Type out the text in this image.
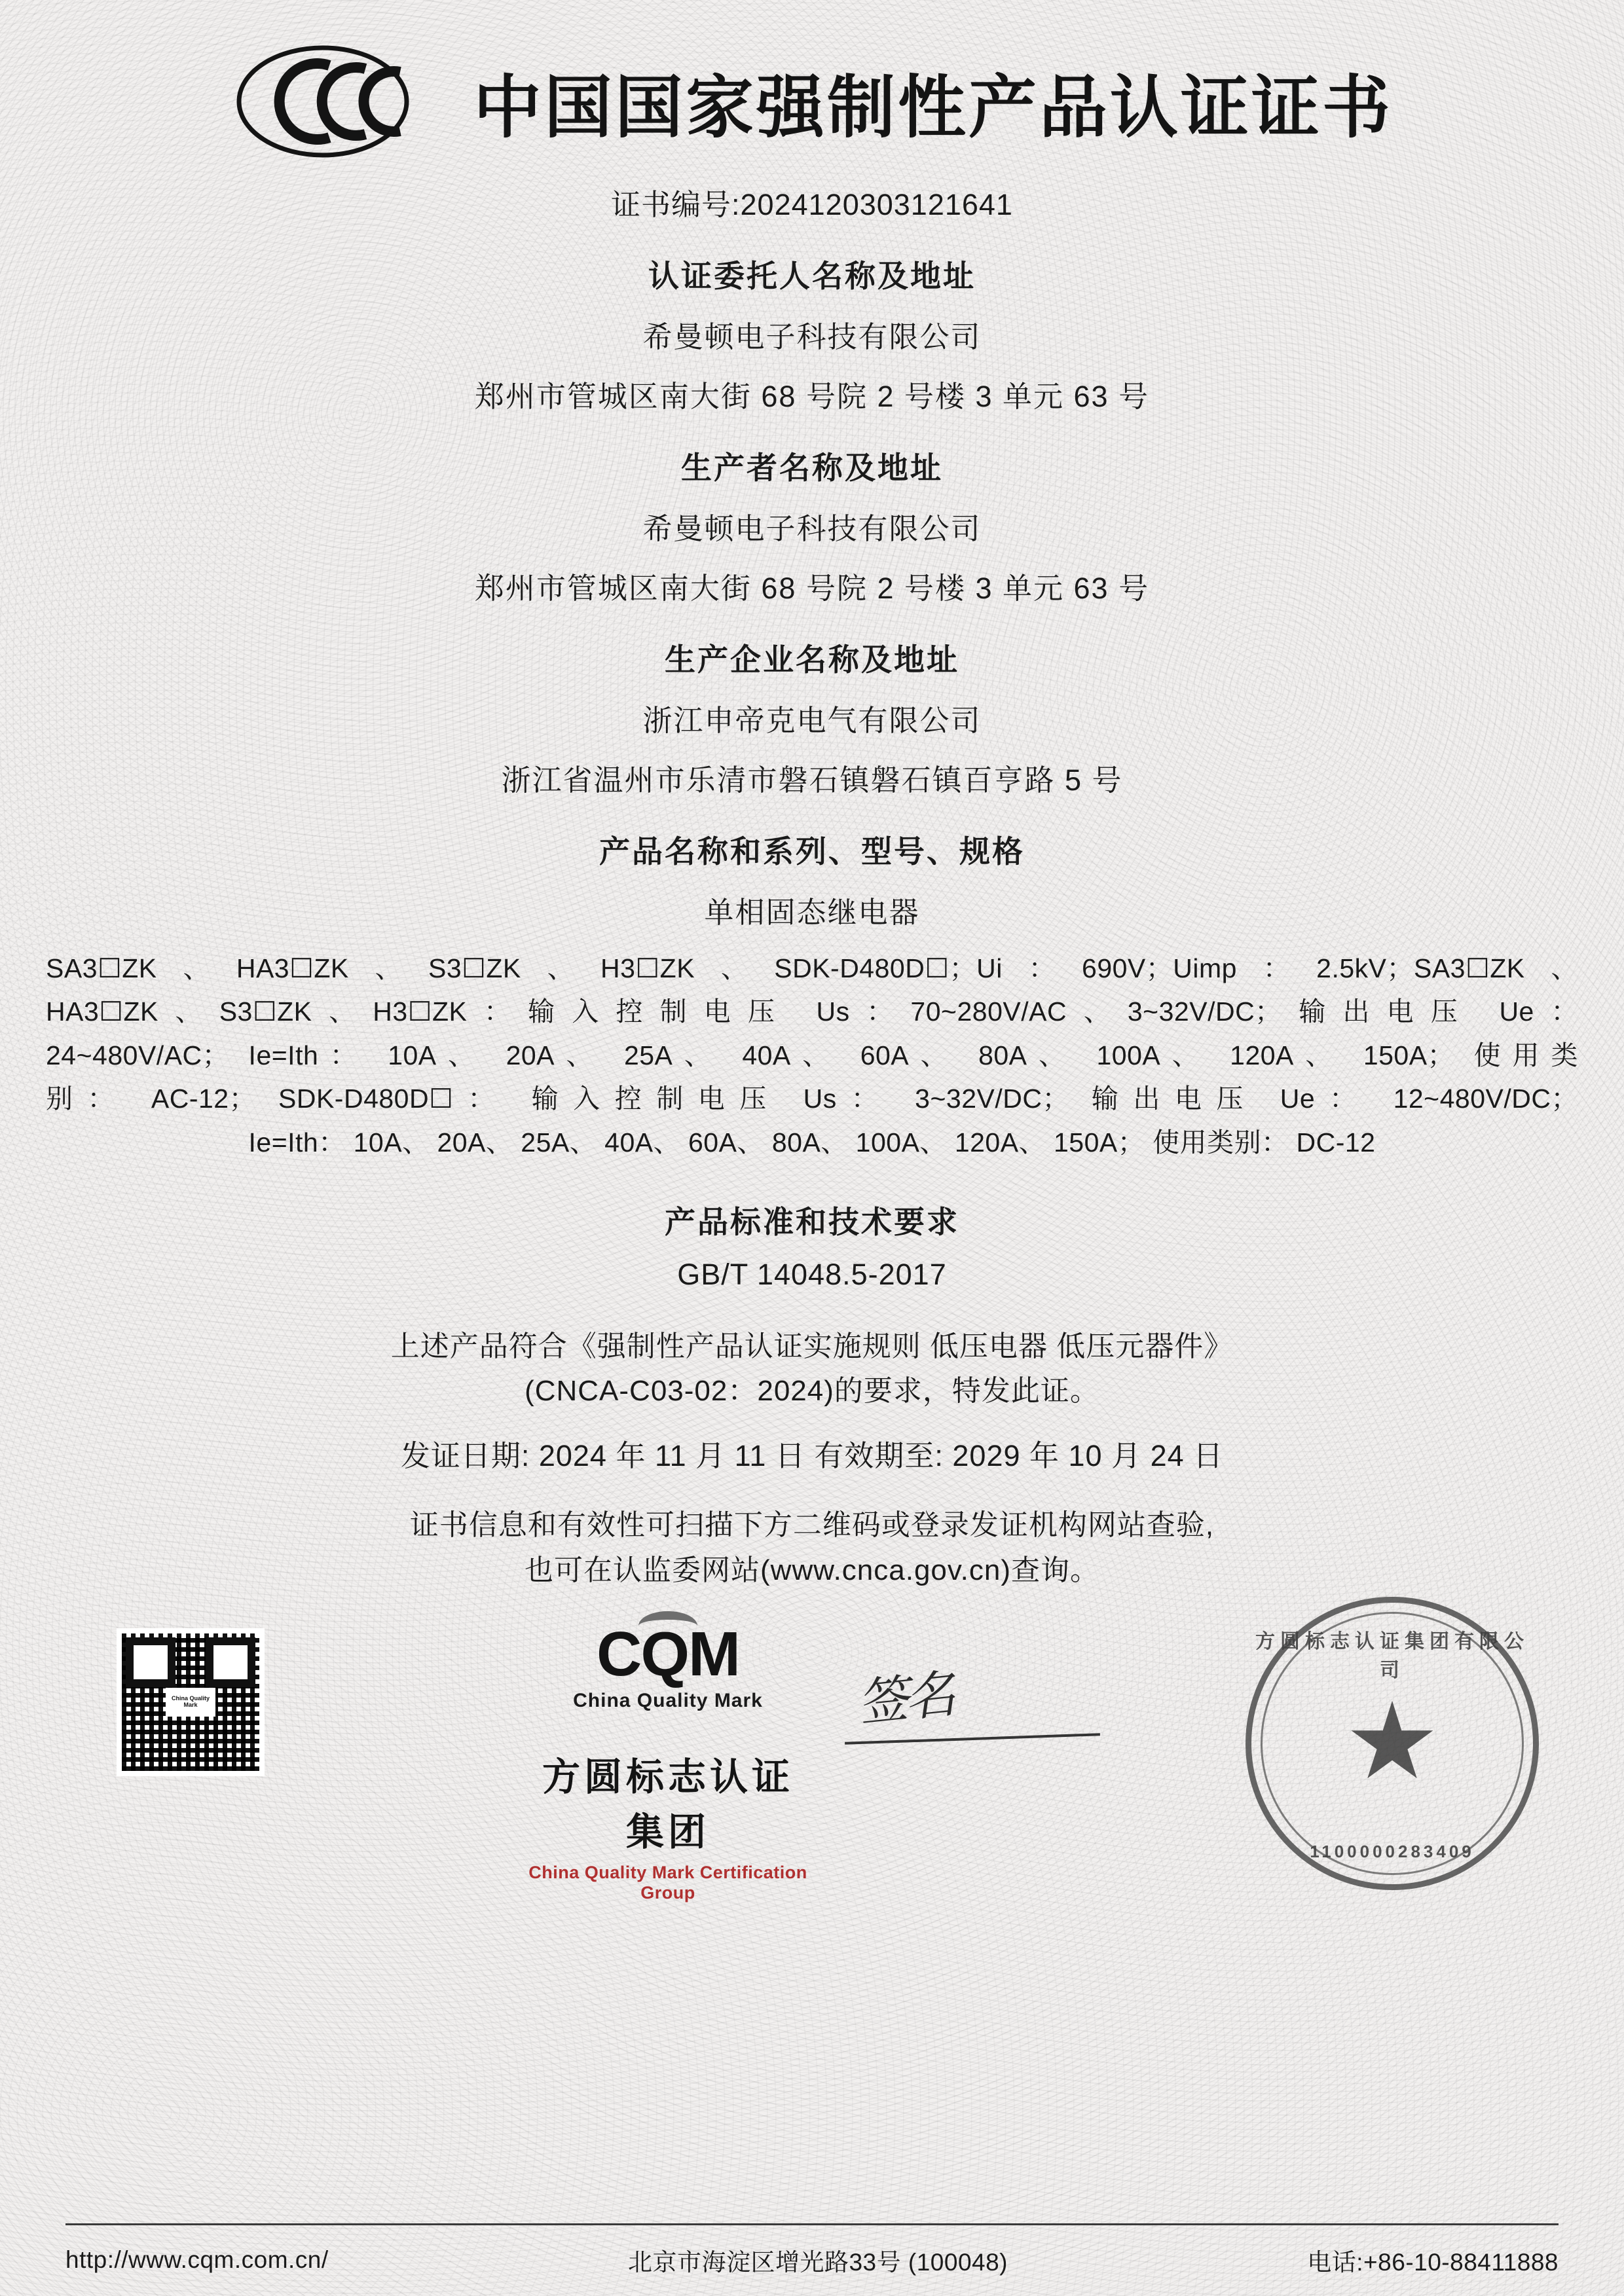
中国国家强制性产品认证证书
证书编号:2024120303121641
认证委托人名称及地址
希曼顿电子科技有限公司
郑州市管城区南大街 68 号院 2 号楼 3 单元 63 号
生产者名称及地址
希曼顿电子科技有限公司
郑州市管城区南大街 68 号院 2 号楼 3 单元 63 号
生产企业名称及地址
浙江申帝克电气有限公司
浙江省温州市乐清市磐石镇磐石镇百亨路 5 号
产品名称和系列、型号、规格
单相固态继电器
SA3☐ZK、HA3☐ZK、S3☐ZK、H3☐ZK、SDK-D480D☐；Ui：690V；Uimp：2.5kV；SA3☐ZK、
HA3☐ZK、S3☐ZK、H3☐ZK：输入控制电压 Us：70~280V/AC、3~32V/DC；输出电压 Ue：
24~480V/AC； Ie=Ith： 10A、 20A、 25A、 40A、 60A、 80A、 100A、 120A、 150A； 使用类
别： AC-12； SDK-D480D☐： 输入控制电压 Us： 3~32V/DC； 输出电压 Ue： 12~480V/DC；
Ie=Ith： 10A、 20A、 25A、 40A、 60A、 80A、 100A、 120A、 150A； 使用类别： DC-12
产品标准和技术要求
GB/T 14048.5-2017
上述产品符合《强制性产品认证实施规则 低压电器 低压元器件》
(CNCA-C03-02：2024)的要求，特发此证。
发证日期: 2024 年 11 月 11 日 有效期至: 2029 年 10 月 24 日
证书信息和有效性可扫描下方二维码或登录发证机构网站查验,
也可在认监委网站(www.cnca.gov.cn)查询。
China Quality Mark
CQM
China Quality Mark
方圆标志认证集团
China Quality Mark Certification Group
签名
方圆标志认证集团有限公司
1100000283409
http://www.cqm.com.cn/	北京市海淀区增光路33号 (100048)	电话:+86-10-88411888
